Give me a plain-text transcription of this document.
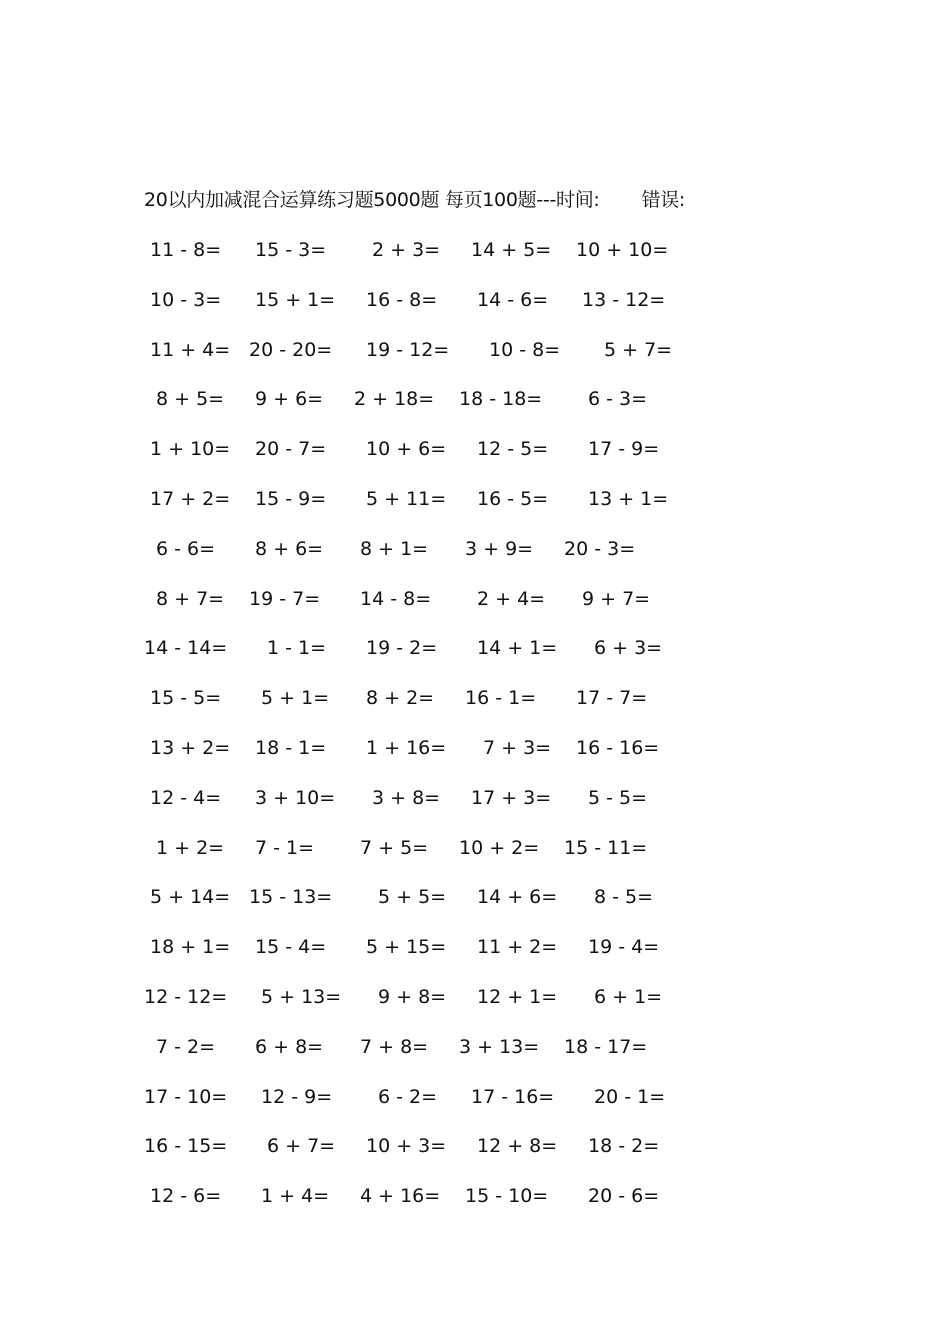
20以内加减混合运算练习题5000题 每页100题---时间: 错误:
11 - 8=	15 - 3=	2 + 3=	14 + 5=	10 + 10=
10 - 3=	15 + 1=	16 - 8=	14 - 6=	13 - 12=
11 + 4= 20 - 20=	19 - 12=	10 - 8=	5 + 7=
8 + 5=	9 + 6=	2 + 18=	18 - 18=	6 - 3=
1 + 10=	20 - 7=	10 + 6=	12 - 5=	17 - 9=
17 + 2=	15 - 9=	5 + 11=	16 - 5=	13 + 1=
6 - 6=	8 + 6=	8 + 1=	3 + 9=	20 - 3=
8 + 7=	19 - 7=	14 - 8=	2 + 4=	9 + 7=
14 - 14=	1 - 1=	19 - 2=	14 + 1=	6 + 3=
15 - 5=	5 + 1=	8 + 2=	16 - 1=	17 - 7=
13 + 2=	18 - 1=	1 + 16=	7 + 3=	16 - 16=
12 - 4=	3 + 10=	3 + 8=	17 + 3=	5 - 5=
1 + 2=	7 - 1=	7 + 5=	10 + 2=	15 - 11=
5 + 14= 15 - 13=	5 + 5=	14 + 6=	8 - 5=
18 + 1=	15 - 4=	5 + 15=	11 + 2=	19 - 4=
12 - 12=	5 + 13=	9 + 8=	12 + 1=	6 + 1=
7 - 2=	6 + 8=	7 + 8=	3 + 13=	18 - 17=
17 - 10=	12 - 9=	6 - 2=	17 - 16=	20 - 1=
16 - 15=	6 + 7=	10 + 3=	12 + 8=	18 - 2=
12 - 6=	1 + 4=	4 + 16=	15 - 10=	20 - 6=
